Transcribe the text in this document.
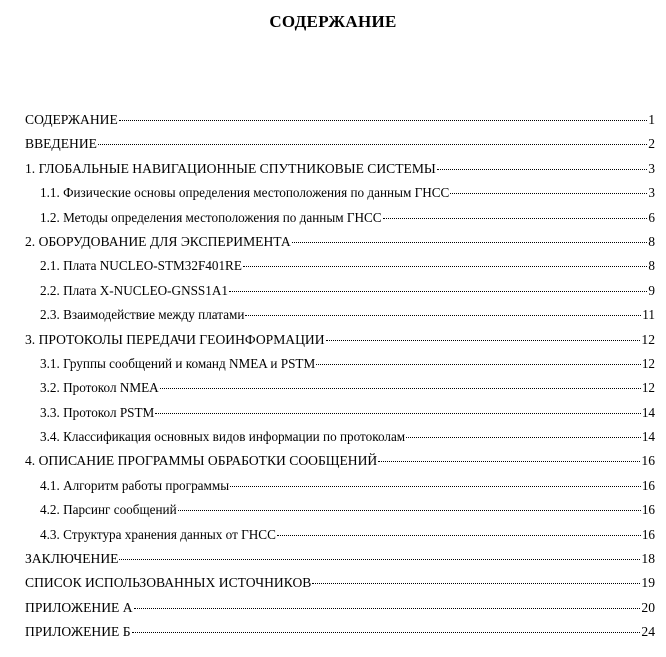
СОДЕРЖАНИЕ
СОДЕРЖАНИЕ	1
ВВЕДЕНИЕ	2
1. ГЛОБАЛЬНЫЕ НАВИГАЦИОННЫЕ СПУТНИКОВЫЕ СИСТЕМЫ	3
1.1. Физические основы определения местоположения по данным ГНСС	3
1.2. Методы определения местоположения по данным ГНСС	6
2. ОБОРУДОВАНИЕ ДЛЯ ЭКСПЕРИМЕНТА	8
2.1. Плата NUCLEO-STM32F401RE	8
2.2. Плата X-NUCLEO-GNSS1A1	9
2.3. Взаимодействие между платами	11
3. ПРОТОКОЛЫ ПЕРЕДАЧИ ГЕОИНФОРМАЦИИ	12
3.1. Группы сообщений и команд NMEA и PSTM	12
3.2. Протокол NMEA	12
3.3. Протокол PSTM	14
3.4. Классификация основных видов информации по протоколам	14
4. ОПИСАНИЕ ПРОГРАММЫ ОБРАБОТКИ СООБЩЕНИЙ	16
4.1. Алгоритм работы программы	16
4.2. Парсинг сообщений	16
4.3. Структура хранения данных от ГНСС	16
ЗАКЛЮЧЕНИЕ	18
СПИСОК ИСПОЛЬЗОВАННЫХ ИСТОЧНИКОВ	19
ПРИЛОЖЕНИЕ А	20
ПРИЛОЖЕНИЕ Б	24
